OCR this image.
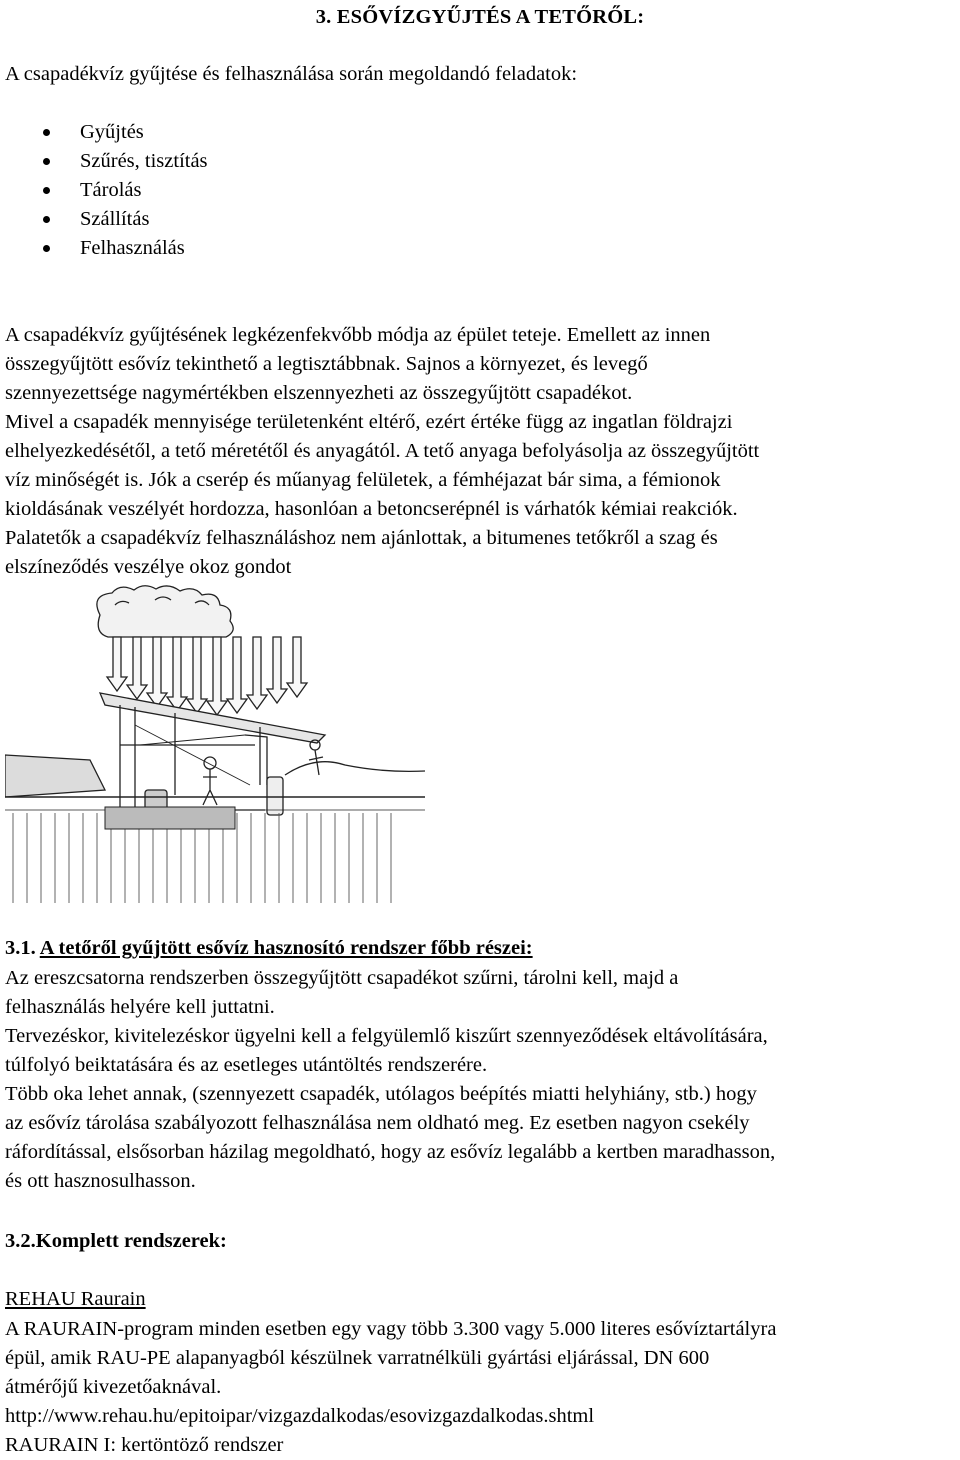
3. ESŐVÍZGYŰJTÉS A TETŐRŐL:

A csapadékvíz gyűjtése és felhasználása során megoldandó feladatok:

Gyűjtés
Szűrés, tisztítás
Tárolás
Szállítás
Felhasználás
A csapadékvíz gyűjtésének legkézenfekvőbb módja az épület teteje. Emellett az innen
összegyűjtött esővíz tekinthető a legtisztábbnak. Sajnos a környezet, és levegő
szennyezettsége nagymértékben elszennyezheti az összegyűjtött csapadékot.
Mivel a csapadék mennyisége területenként eltérő, ezért értéke függ az ingatlan földrajzi
elhelyezkedésétől, a tető méretétől és anyagától. A tető anyaga befolyásolja az összegyűjtött
víz minőségét is. Jók a cserép és műanyag felületek, a fémhéjazat bár sima, a fémionok
kioldásának veszélyét hordozza, hasonlóan a betoncserépnél is várhatók kémiai reakciók.
Palatetők a csapadékvíz felhasználáshoz nem ajánlottak, a bitumenes tetőkről a szag és
elszíneződés veszélye okoz gondot

3.1. A tetőről gyűjtött esővíz hasznosító rendszer főbb részei:

Az ereszcsatorna rendszerben összegyűjtött csapadékot szűrni, tárolni kell, majd a
felhasználás helyére kell juttatni.
Tervezéskor, kivitelezéskor ügyelni kell a felgyülemlő kiszűrt szennyeződések eltávolítására,
túlfolyó beiktatására és az esetleges utántöltés rendszerére.
Több oka lehet annak, (szennyezett csapadék, utólagos beépítés miatti helyhiány, stb.) hogy
az esővíz tárolása szabályozott felhasználása nem oldható meg. Ez esetben nagyon csekély
ráfordítással, elsősorban házilag megoldható, hogy az esővíz legalább a kertben maradhasson,
és ott hasznosulhasson.

3.2.Komplett rendszerek:

REHAU Raurain

A RAURAIN-program minden esetben egy vagy több 3.300 vagy 5.000 literes esővíztartályra
épül, amik RAU-PE alapanyagból készülnek varratnélküli gyártási eljárással, DN 600
átmérőjű kivezetőaknával.

http://www.rehau.hu/epitoipar/vizgazdalkodas/esovizgazdalkodas.shtml

RAURAIN I: kertöntöző rendszer
